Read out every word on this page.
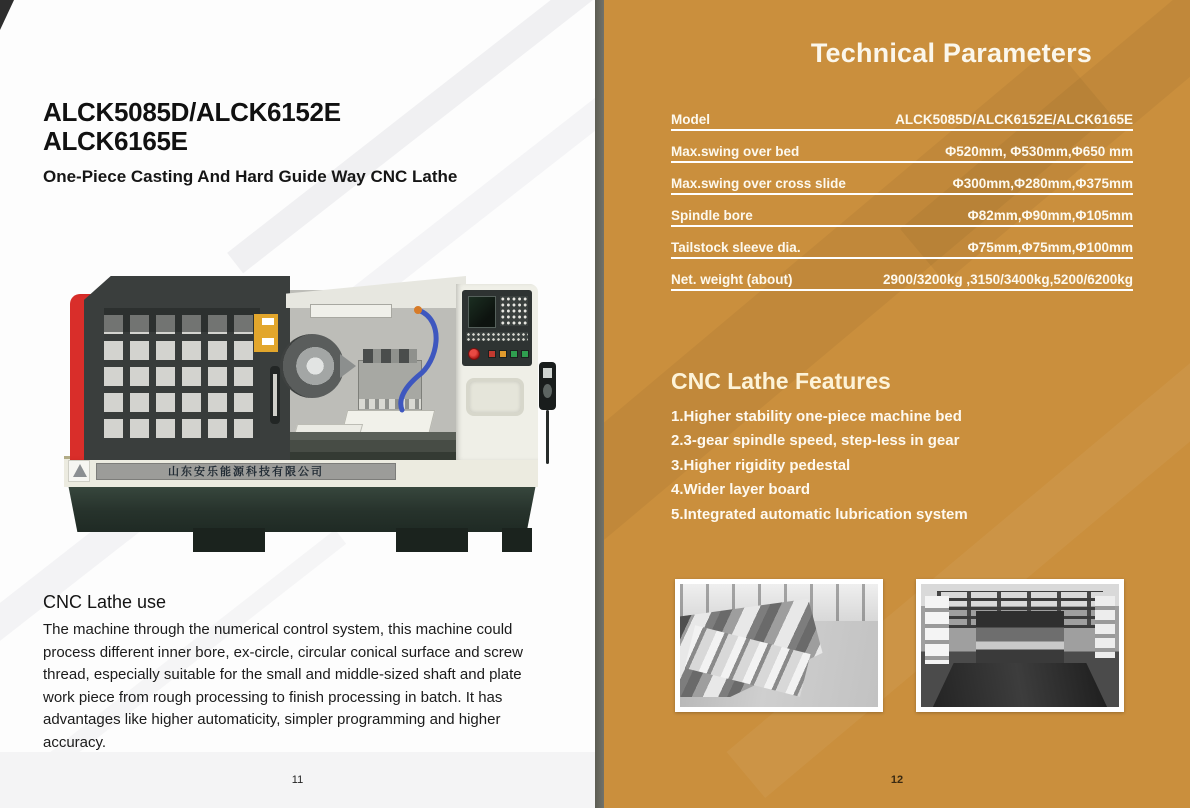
ALCK5085D/ALCK6152E
ALCK6165E
One-Piece Casting And Hard Guide Way CNC Lathe
山东安乐能源科技有限公司
CNC Lathe use
The machine through the numerical control system, this machine could process different inner bore, ex-circle, circular conical surface and screw thread, especially suitable for the small and middle-sized shaft and plate work piece from rough processing to finish processing in batch. It has advantages like higher automaticity, simpler programming and higher accuracy.
11
Technical Parameters
Model	ALCK5085D/ALCK6152E/ALCK6165E
Max.swing over bed	Φ520mm, Φ530mm,Φ650 mm
Max.swing over cross slide	Φ300mm,Φ280mm,Φ375mm
Spindle bore	Φ82mm,Φ90mm,Φ105mm
Tailstock sleeve dia.	Φ75mm,Φ75mm,Φ100mm
Net. weight (about)	2900/3200kg ,3150/3400kg,5200/6200kg
CNC Lathe Features
1.Higher stability one-piece machine bed
2.3-gear spindle speed, step-less in gear
3.Higher rigidity pedestal
4.Wider layer board
5.Integrated automatic lubrication system
12
